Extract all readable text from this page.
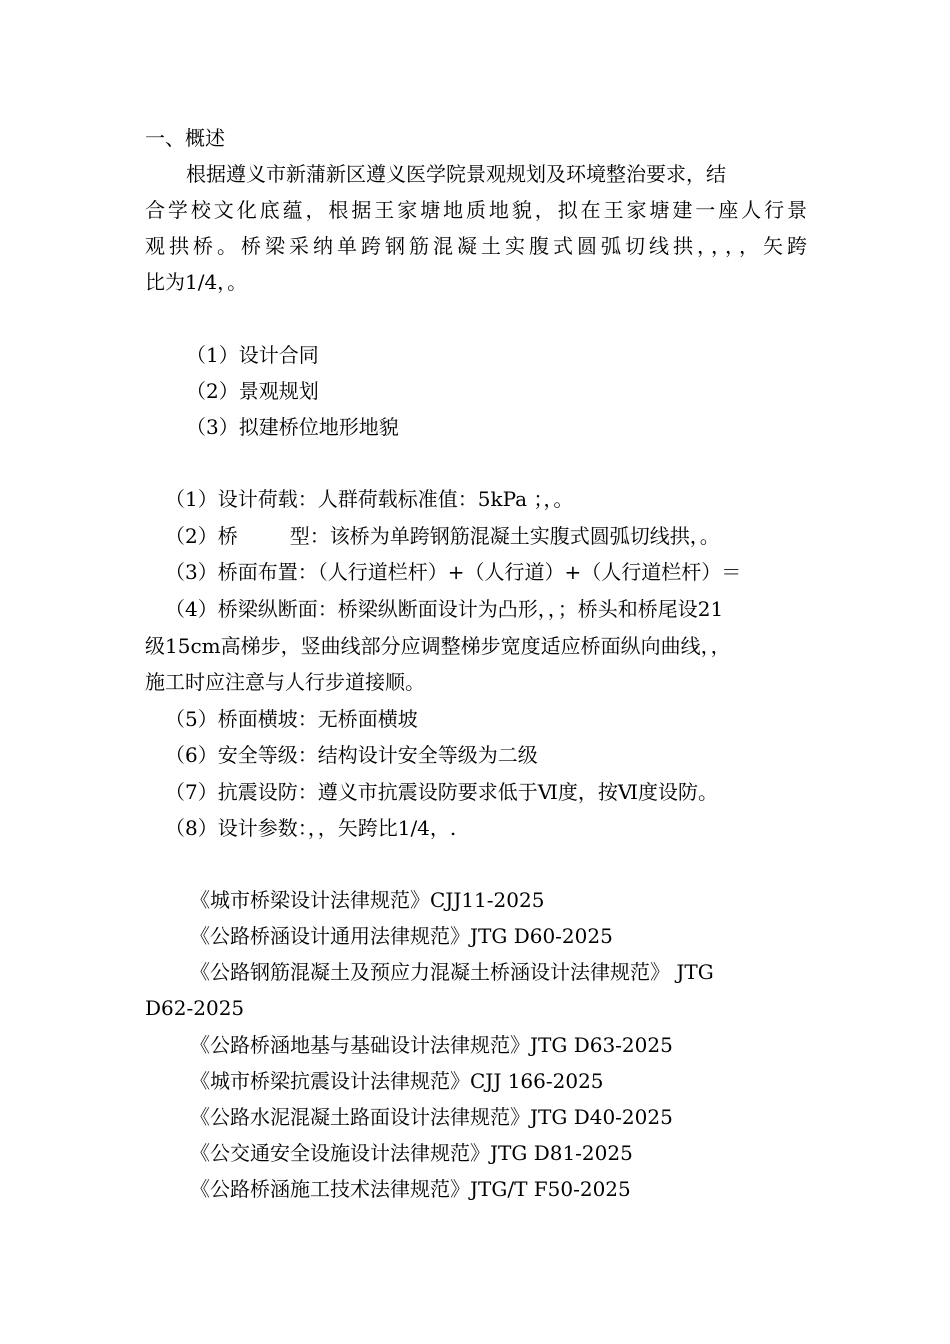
一、概述
根据遵义市新蒲新区遵义医学院景观规划及环境整治要求，结
合学校文化底蕴，根据王家塘地质地貌，拟在王家塘建一座人行景
观拱桥。桥梁采纳单跨钢筋混凝土实腹式圆弧切线拱，，，，矢跨
比为1/4，。
（1）设计合同
（2）景观规划
（3）拟建桥位地形地貌
（1）设计荷载：人群荷载标准值：5kPa ；，。
（2）桥	型：该桥为单跨钢筋混凝土实腹式圆弧切线拱，。
（3）桥面布置：（人行道栏杆）+（人行道）+（人行道栏杆）＝
（4）桥梁纵断面：桥梁纵断面设计为凸形，，；桥头和桥尾设21
级15cm高梯步，竖曲线部分应调整梯步宽度适应桥面纵向曲线，，
施工时应注意与人行步道接顺。
（5）桥面横坡：无桥面横坡
（6）安全等级：结构设计安全等级为二级
（7）抗震设防：遵义市抗震设防要求低于Ⅵ度，按Ⅵ度设防。
（8）设计参数：，，矢跨比1/4，.
《城市桥梁设计法律规范》CJJ11-2025
《公路桥涵设计通用法律规范》JTG D60-2025
《公路钢筋混凝土及预应力混凝土桥涵设计法律规范》 JTG
D62-2025
《公路桥涵地基与基础设计法律规范》JTG D63-2025
《城市桥梁抗震设计法律规范》CJJ 166-2025
《公路水泥混凝土路面设计法律规范》JTG D40-2025
《公交通安全设施设计法律规范》JTG D81-2025
《公路桥涵施工技术法律规范》JTG/T F50-2025
